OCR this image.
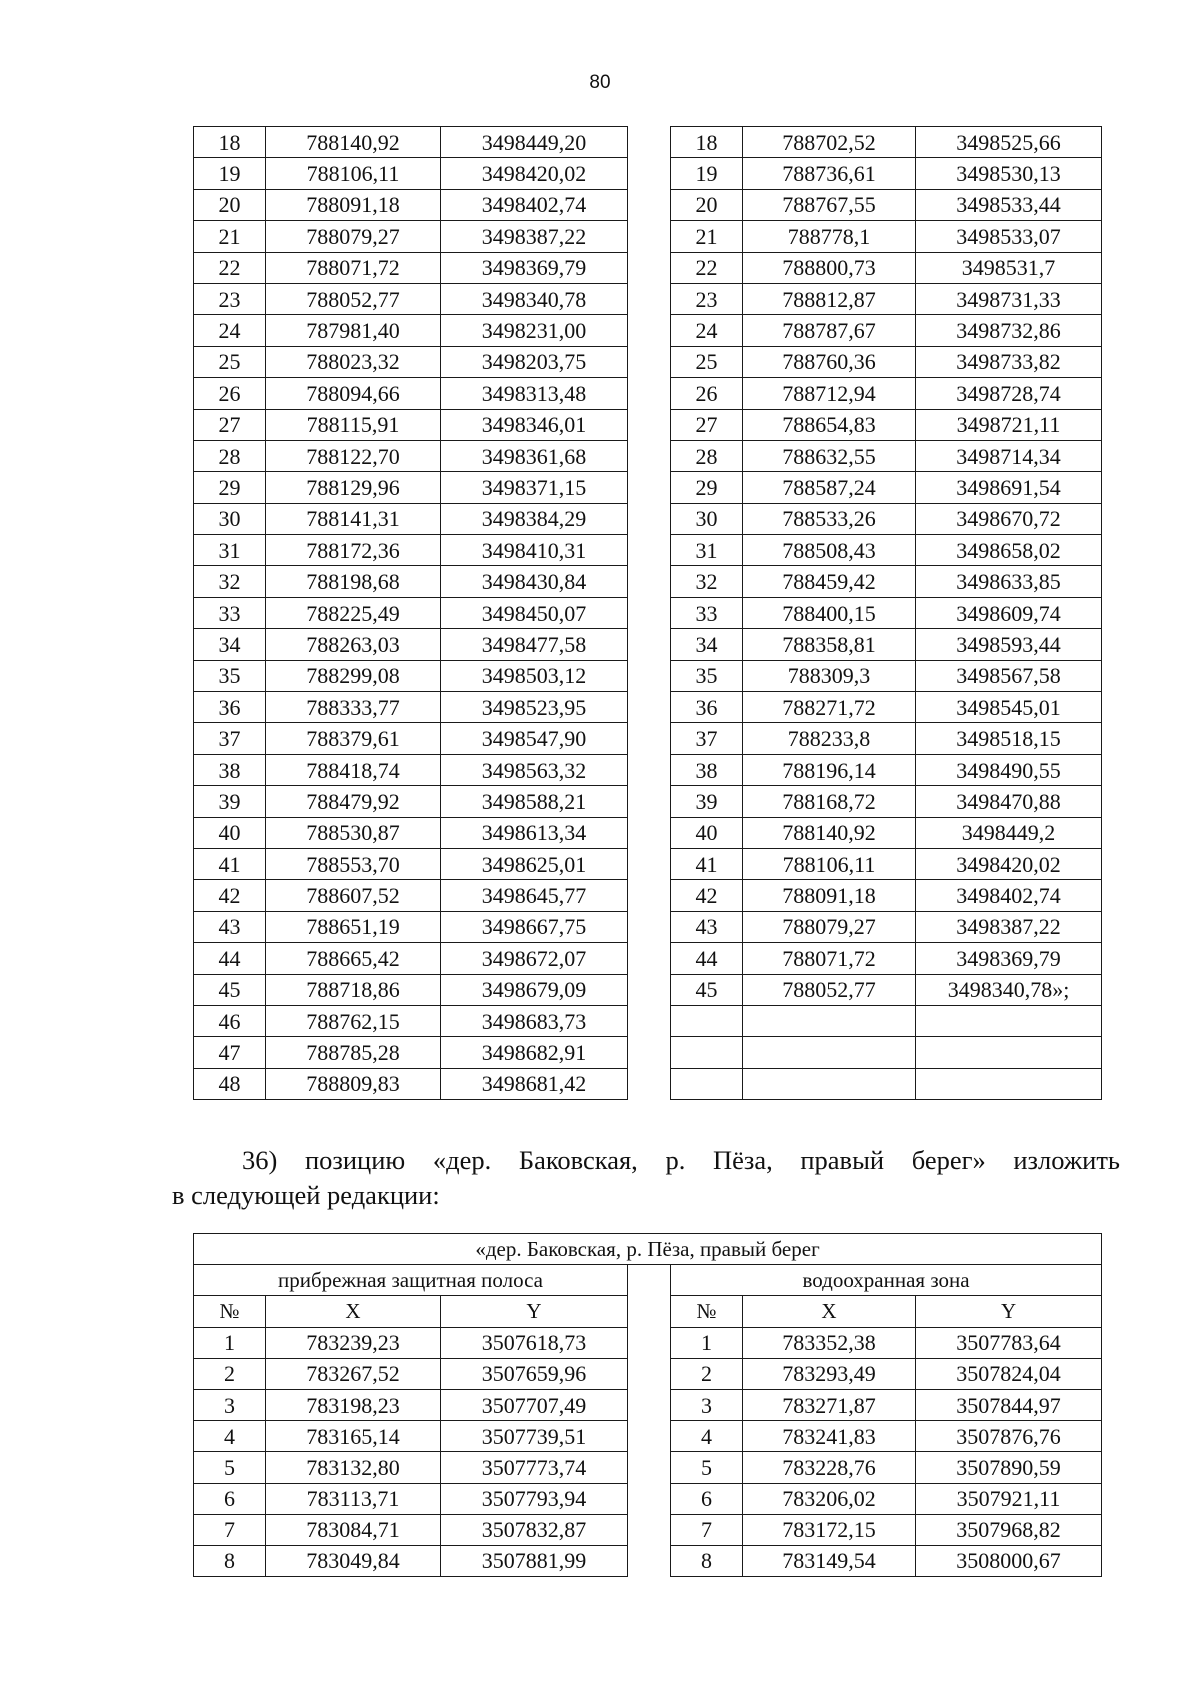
80
18	788140,92	3498449,20		18	788702,52	3498525,66
19	788106,11	3498420,02		19	788736,61	3498530,13
20	788091,18	3498402,74		20	788767,55	3498533,44
21	788079,27	3498387,22		21	788778,1	3498533,07
22	788071,72	3498369,79		22	788800,73	3498531,7
23	788052,77	3498340,78		23	788812,87	3498731,33
24	787981,40	3498231,00		24	788787,67	3498732,86
25	788023,32	3498203,75		25	788760,36	3498733,82
26	788094,66	3498313,48		26	788712,94	3498728,74
27	788115,91	3498346,01		27	788654,83	3498721,11
28	788122,70	3498361,68		28	788632,55	3498714,34
29	788129,96	3498371,15		29	788587,24	3498691,54
30	788141,31	3498384,29		30	788533,26	3498670,72
31	788172,36	3498410,31		31	788508,43	3498658,02
32	788198,68	3498430,84		32	788459,42	3498633,85
33	788225,49	3498450,07		33	788400,15	3498609,74
34	788263,03	3498477,58		34	788358,81	3498593,44
35	788299,08	3498503,12		35	788309,3	3498567,58
36	788333,77	3498523,95		36	788271,72	3498545,01
37	788379,61	3498547,90		37	788233,8	3498518,15
38	788418,74	3498563,32		38	788196,14	3498490,55
39	788479,92	3498588,21		39	788168,72	3498470,88
40	788530,87	3498613,34		40	788140,92	3498449,2
41	788553,70	3498625,01		41	788106,11	3498420,02
42	788607,52	3498645,77		42	788091,18	3498402,74
43	788651,19	3498667,75		43	788079,27	3498387,22
44	788665,42	3498672,07		44	788071,72	3498369,79
45	788718,86	3498679,09		45	788052,77	3498340,78»;
46	788762,15	3498683,73				
47	788785,28	3498682,91				
48	788809,83	3498681,42				
36) позицию «дер. Баковская, р. Пёза, правый берег» изложить
в следующей редакции:
«дер. Баковская, р. Пёза, правый берег						
прибрежная защитная полоса				водоохранная зона		
№	X	Y		№	X	Y
1	783239,23	3507618,73		1	783352,38	3507783,64
2	783267,52	3507659,96		2	783293,49	3507824,04
3	783198,23	3507707,49		3	783271,87	3507844,97
4	783165,14	3507739,51		4	783241,83	3507876,76
5	783132,80	3507773,74		5	783228,76	3507890,59
6	783113,71	3507793,94		6	783206,02	3507921,11
7	783084,71	3507832,87		7	783172,15	3507968,82
8	783049,84	3507881,99		8	783149,54	3508000,67
